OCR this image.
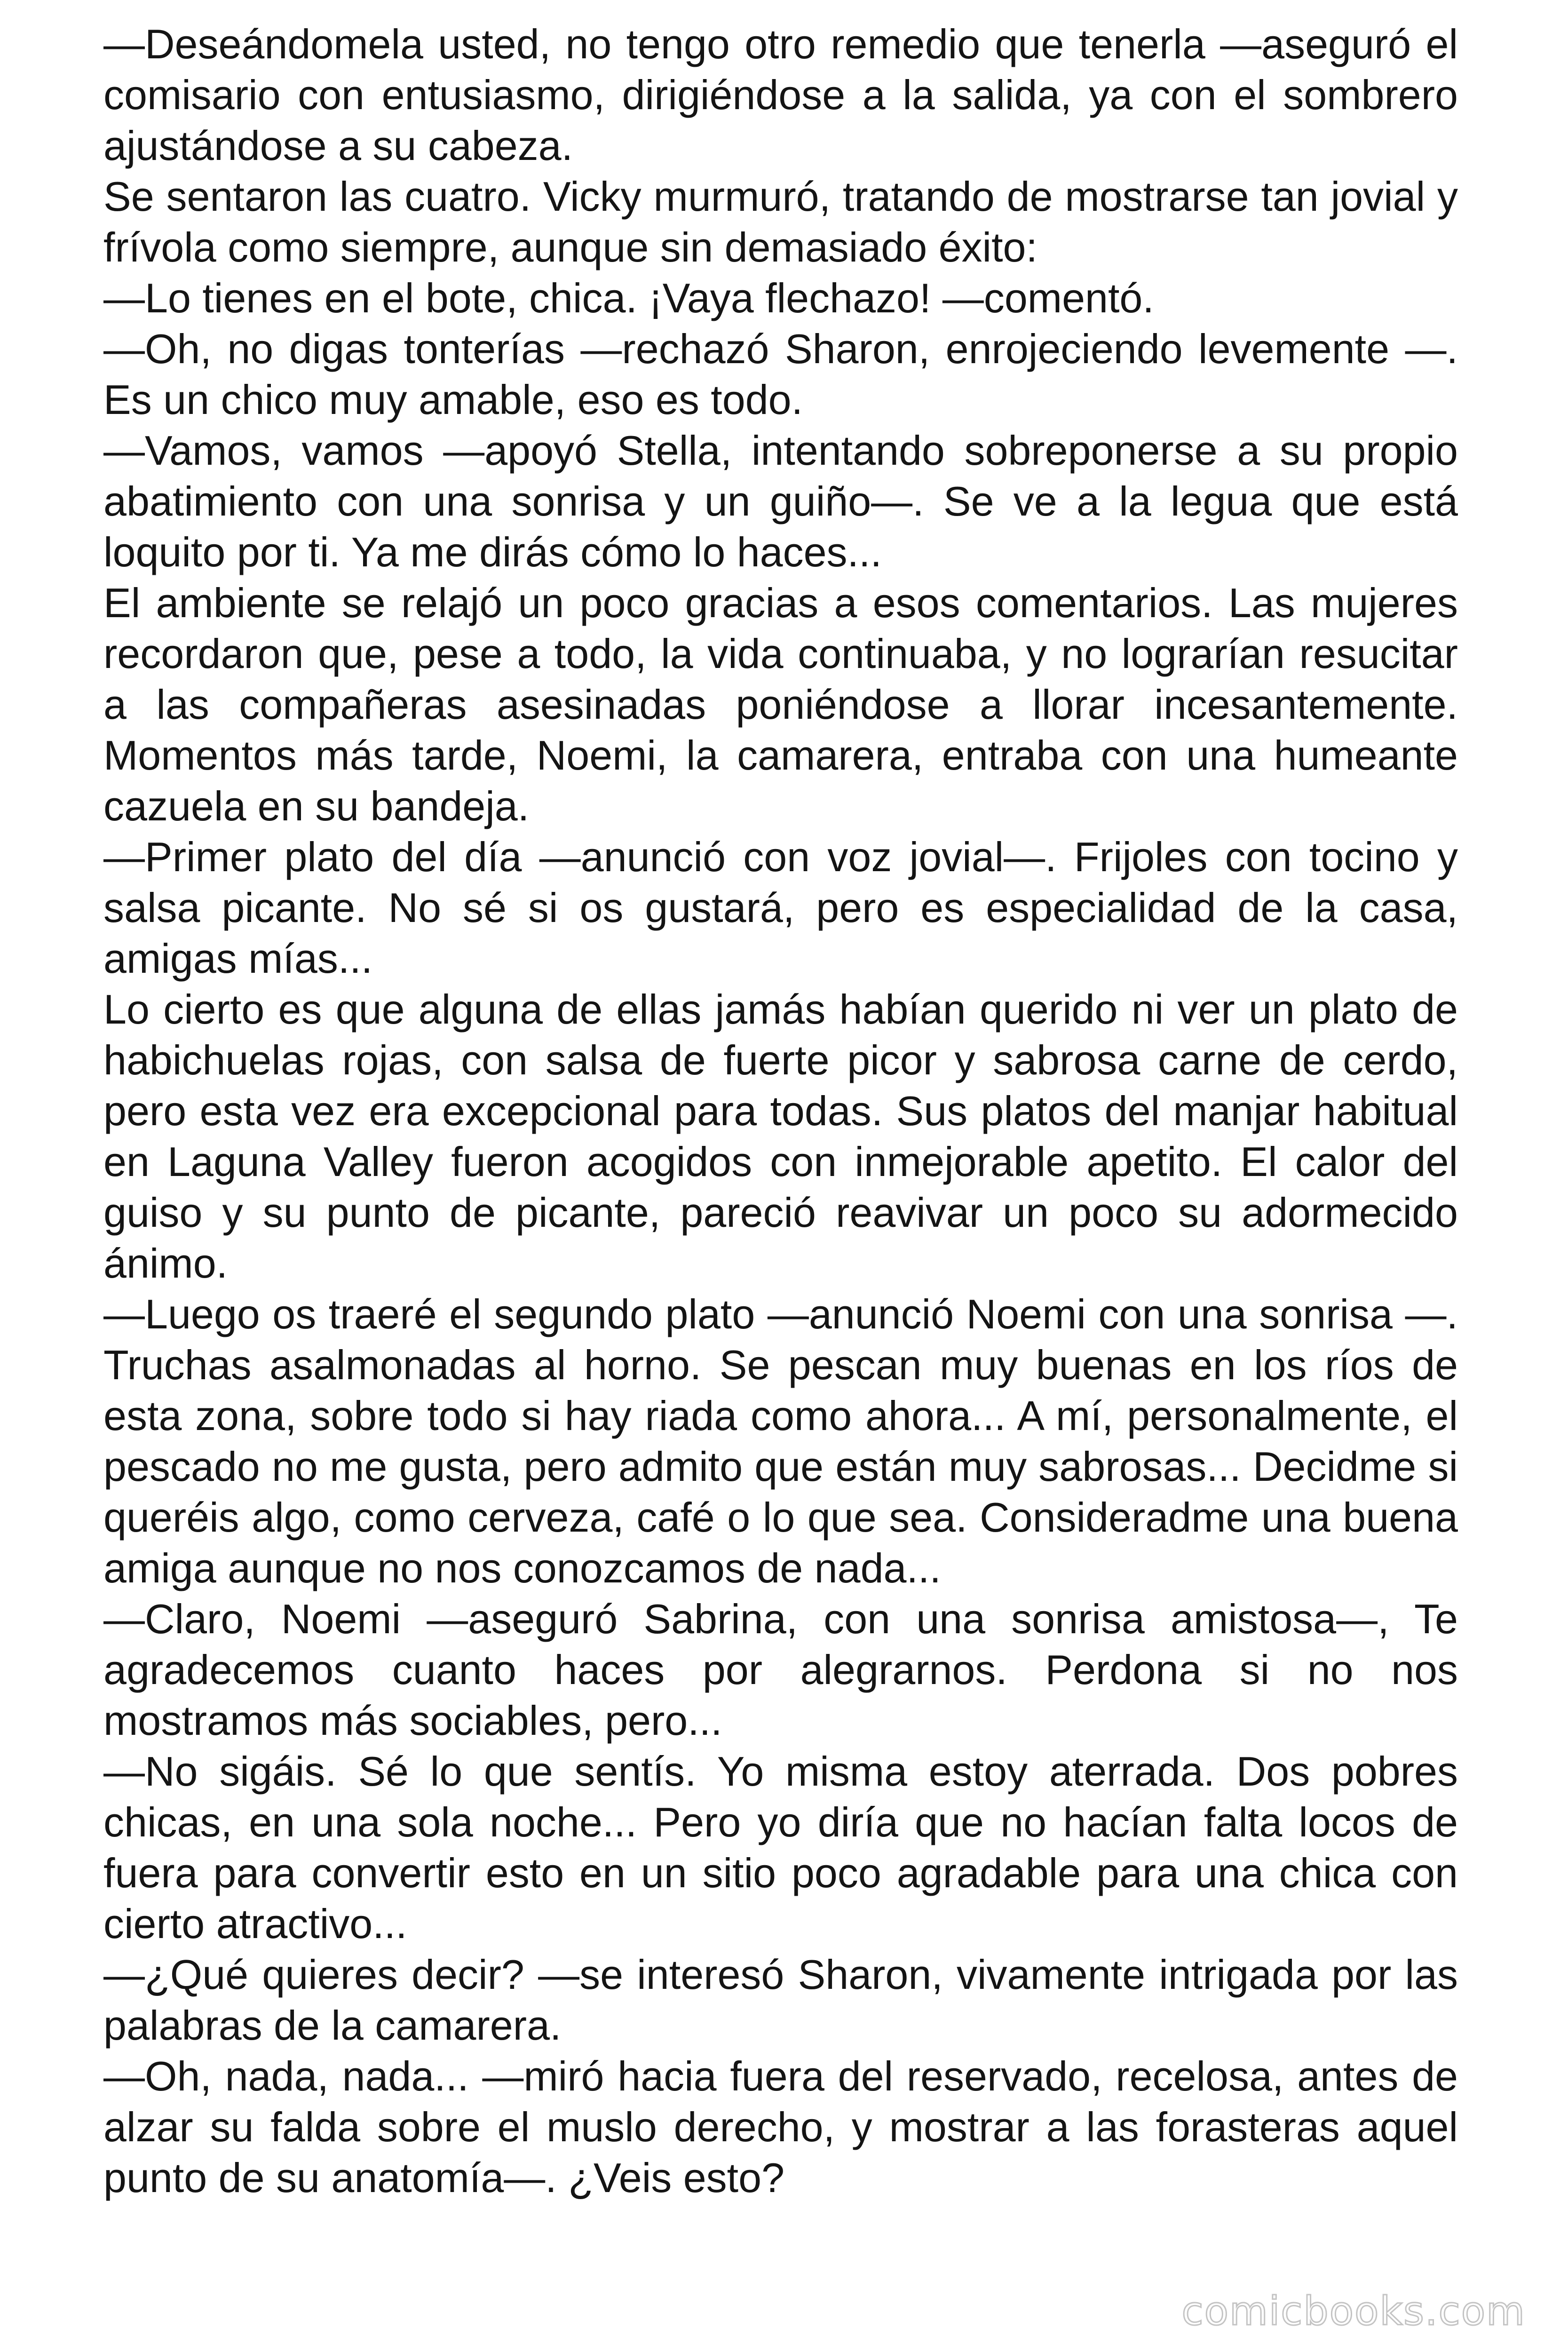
—Deseándomela usted, no tengo otro remedio que tenerla —aseguró el comisario con entusiasmo, dirigiéndose a la salida, ya con el sombrero ajustándose a su cabeza.

Se sentaron las cuatro. Vicky murmuró, tratando de mostrarse tan jovial y frívola como siempre, aunque sin demasiado éxito:

—Lo tienes en el bote, chica. ¡Vaya flechazo! —comentó.

—Oh, no digas tonterías —rechazó Sharon, enrojeciendo levemente —. Es un chico muy amable, eso es todo.

—Vamos, vamos —apoyó Stella, intentando sobreponerse a su propio abatimiento con una sonrisa y un guiño—. Se ve a la legua que está loquito por ti. Ya me dirás cómo lo haces...

El ambiente se relajó un poco gracias a esos comentarios. Las mujeres recordaron que, pese a todo, la vida continuaba, y no lograrían resucitar a las compañeras asesinadas poniéndose a llorar incesantemente. Momentos más tarde, Noemi, la camarera, entraba con una humeante cazuela en su bandeja.

—Primer plato del día —anunció con voz jovial—. Frijoles con tocino y salsa picante. No sé si os gustará, pero es especialidad de la casa, amigas mías...

Lo cierto es que alguna de ellas jamás habían querido ni ver un plato de habichuelas rojas, con salsa de fuerte picor y sabrosa carne de cerdo, pero esta vez era excepcional para todas. Sus platos del manjar habitual en Laguna Valley fueron acogidos con inmejorable apetito. El calor del guiso y su punto de picante, pareció reavivar un poco su adormecido ánimo.

—Luego os traeré el segundo plato —anunció Noemi con una sonrisa —. Truchas asalmonadas al horno. Se pescan muy buenas en los ríos de esta zona, sobre todo si hay riada como ahora... A mí, personalmente, el pescado no me gusta, pero admito que están muy sabrosas... Decidme si queréis algo, como cerveza, café o lo que sea. Consideradme una buena amiga aunque no nos conozcamos de nada...

—Claro, Noemi —aseguró Sabrina, con una sonrisa amistosa—, Te agradecemos cuanto haces por alegrarnos. Perdona si no nos mostramos más sociables, pero...

—No sigáis. Sé lo que sentís. Yo misma estoy aterrada. Dos pobres chicas, en una sola noche... Pero yo diría que no hacían falta locos de fuera para convertir esto en un sitio poco agradable para una chica con cierto atractivo...

—¿Qué quieres decir? —se interesó Sharon, vivamente intrigada por las palabras de la camarera.

—Oh, nada, nada... —miró hacia fuera del reservado, recelosa, antes de alzar su falda sobre el muslo derecho, y mostrar a las forasteras aquel punto de su anatomía—. ¿Veis esto?

comicbooks.com
